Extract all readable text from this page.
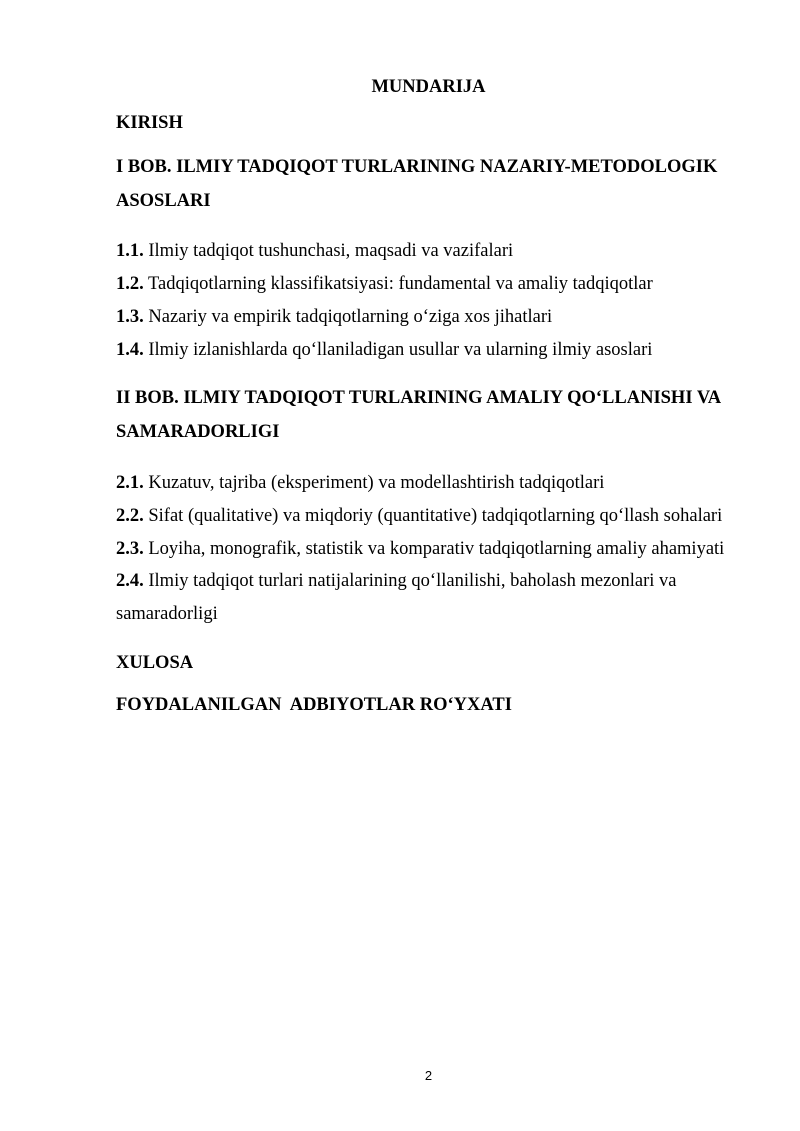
MUNDARIJA
KIRISH
I BOB. ILMIY TADQIQOT TURLARINING NAZARIY-METODOLOGIK ASOSLARI
1.1. Ilmiy tadqiqot tushunchasi, maqsadi va vazifalari
1.2. Tadqiqotlarning klassifikatsiyasi: fundamental va amaliy tadqiqotlar
1.3. Nazariy va empirik tadqiqotlarning o‘ziga xos jihatlari
1.4. Ilmiy izlanishlarda qo‘llaniladigan usullar va ularning ilmiy asoslari
II BOB. ILMIY TADQIQOT TURLARINING AMALIY QO‘LLANISHI VA SAMARADORLIGI
2.1. Kuzatuv, tajriba (eksperiment) va modellashtirish tadqiqotlari
2.2. Sifat (qualitative) va miqdoriy (quantitative) tadqiqotlarning qo‘llash sohalari
2.3. Loyiha, monografik, statistik va komparativ tadqiqotlarning amaliy ahamiyati
2.4. Ilmiy tadqiqot turlari natijalarining qo‘llanilishi, baholash mezonlari va samaradorligi
XULOSA
FOYDALANILGAN  ADBIYOTLAR RO‘YXATI
2
